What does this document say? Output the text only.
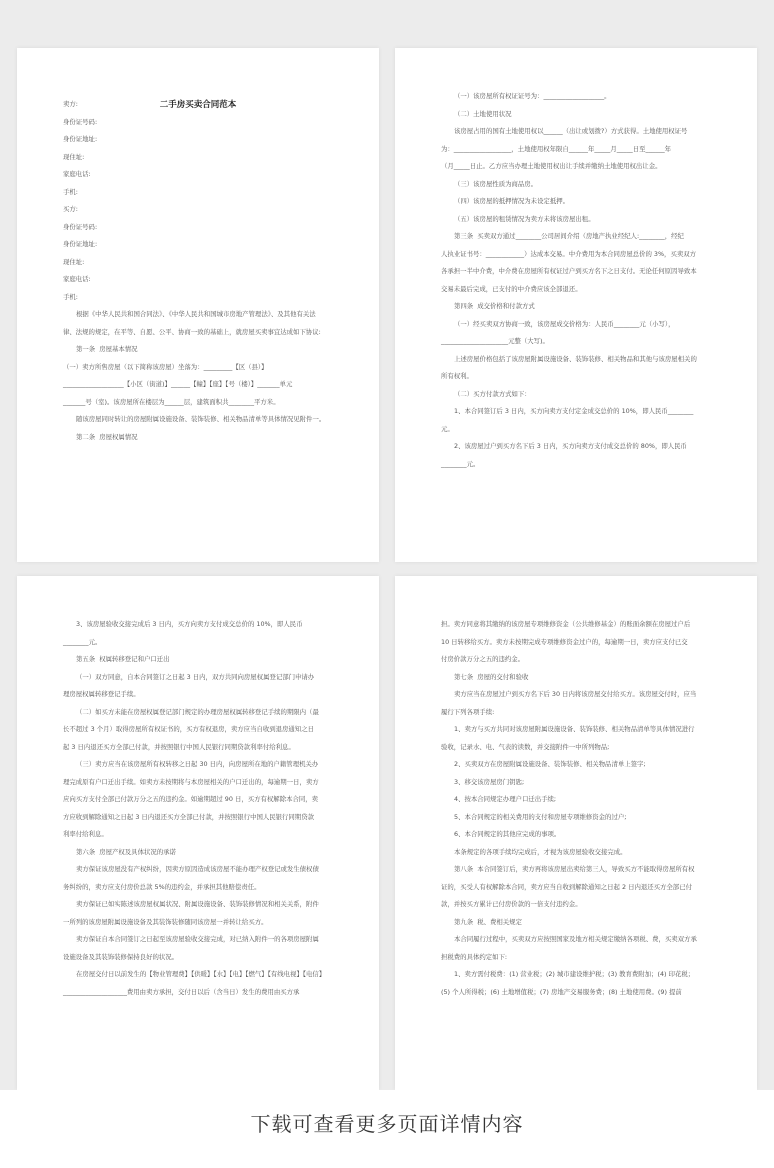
二手房买卖合同范本

卖方:

身份证号码:

身份证地址:

现住址:

家庭电话:

手机:

买方:

身份证号码:

身份证地址:

现住址:

家庭电话:

手机:

根据《中华人民共和国合同法》、《中华人民共和国城市房地产管理法》、及其他有关法

律、法规的规定，在平等、自愿、公平、协商一致的基础上，就房屋买卖事宜达成如下协议:

第一条  房屋基本情况

（一）卖方所售房屋（以下简称该房屋）坐落为：_________【区（县）】

___________________【小区（街道)】______【幢】【座】【号（楼）】_______单元

_______号（室)。该房屋所在楼层为______层，建筑面积共________平方米。

随该房屋同时转让的房屋附属设施设备、装饰装修、相关物品清单等具体情况见附件一。

第二条  房屋权属情况

（一）该房屋所有权证证号为：___________________。

（二）土地使用状况

该房屋占用的国有土地使用权以______（出让或划拨?）方式获得。土地使用权证号

为：__________________，土地使用权年限自______年_____月_____日至______年

（月_____日止。乙方应当办理土地使用权出让手续并缴纳土地使用权出让金。

（三）该房屋性质为商品房。

（四）该房屋的抵押情况为未设定抵押。

（五）该房屋的租赁情况为卖方未将该房屋出租。

第三条  买卖双方通过________公司居间介绍（房地产执业经纪人:________，经纪

人执业证书号：____________）达成本交易。中介费用为本合同房屋总价的 3%，买卖双方

各承担一半中介费，中介费在房屋所有权证过户到买方名下之日支付。无论任何原因导致本

交易未最后完成，已支付的中介费应该全部退还。

第四条  成交价格和付款方式

（一）经买卖双方协商一致，该房屋成交价格为：人民币________元（小写），

_____________________元整（大写)。

上述房屋价格包括了该房屋附属设施设备、装饰装修、相关物品和其他与该房屋相关的

所有权利。

（二）买方付款方式如下：

1、本合同签订后 3 日内，买方向卖方支付定金成交总价的 10%，即人民币________

元。

2、该房屋过户到买方名下后 3 日内，买方向卖方支付成交总价的 80%，即人民币

________元。

3、该房屋验收交接完成后 3 日内，买方向卖方支付成交总价的 10%，即人民币

________元。

第五条  权属转移登记和户口迁出

（一）双方同意，自本合同签订之日起 3 日内，双方共同向房屋权属登记部门申请办

理房屋权属转移登记手续。

（二）如买方未能在房屋权属登记部门规定的办理房屋权属转移登记手续的期限内（最

长不超过 3 个月）取得房屋所有权证书的，买方有权退房，卖方应当自收到退房通知之日

起 3 日内退还买方全部已付款，并按照银行中国人民银行同期贷款利率付给利息。

（三）卖方应当在该房屋所有权转移之日起 30 日内，向房屋所在地的户籍管理机关办

理完成原有户口迁出手续。如卖方未按期将与本房屋相关的户口迁出的，每逾期一日，卖方

应向买方支付全部已付款万分之五的违约金。如逾期超过 90 日，买方有权解除本合同，卖

方应收到解除通知之日起 3 日内退还买方全部已付款，并按照银行中国人民银行同期贷款

利率付给利息。

第六条  房屋产权及具体状况的承诺

卖方保证该房屋没有产权纠纷，因卖方原因造成该房屋不能办理产权登记或发生债权债

务纠纷的，卖方应支付房价总款 5%的违约金，并承担其他赔偿责任。

卖方保证已如实陈述该房屋权属状况、附属设施设备、装饰装修情况和相关关系，附件

一所列的该房屋附属设施设备及其装饰装修随同该房屋一并转让给买方。

卖方保证自本合同签订之日起至该房屋验收交接完成，对已纳入附件一的各项房屋附属

设施设备及其装饰装修保持良好的状况。

在房屋交付日以前发生的【物业管理费】【供暖】【水】【电】【燃气】【有线电视】【电信】

____________________费用由卖方承担，交付日以后（含当日）发生的费用由买方承

担。卖方同意将其缴纳的该房屋专项维修资金（公共维修基金）的账面余额在房屋过户后

10 日转移给买方。卖方未按期完成专项维修资金过户的，每逾期一日，卖方应支付已交

付房价款万分之五的违约金。

第七条  房屋的交付和验收

卖方应当在房屋过户到买方名下后 30 日内将该房屋交付给买方。该房屋交付时，应当

履行下列各项手续:

1、卖方与买方共同对该房屋附属设施设备、装饰装修、相关物品清单等具体情况进行

验收，记录水、电、气表的读数，并交接附件一中所列物品;

2、买卖双方在房屋附属设施设备、装饰装修、相关物品清单上签字;

3、移交该房屋房门钥匙;

4、按本合同规定办理户口迁出手续;

5、本合同规定的相关费用的支付和房屋专项维修资金的过户;

6、本合同规定的其他应完成的事项。

本条规定的各项手续均完成后，才视为该房屋验收交接完成。

第八条  本合同签订后，卖方再将该房屋出卖给第三人，导致买方不能取得房屋所有权

证的，买受人有权解除本合同，卖方应当自收到解除通知之日起 2 日内退还买方全部已付

款，并按买方累计已付房价款的一倍支付违约金。

第九条  税、费相关规定

本合同履行过程中，买卖双方应按照国家及地方相关规定缴纳各项税、费，买卖双方承

担税费的具体约定如下:

1、卖方需付税费：(1) 营业税；(2) 城市建设维护税；(3) 教育费附加；(4) 印花税；

(5) 个人所得税；(6) 土地增值税；(7) 房地产交易服务费；(8) 土地使用费。(9) 提前

下载可查看更多页面详情内容
